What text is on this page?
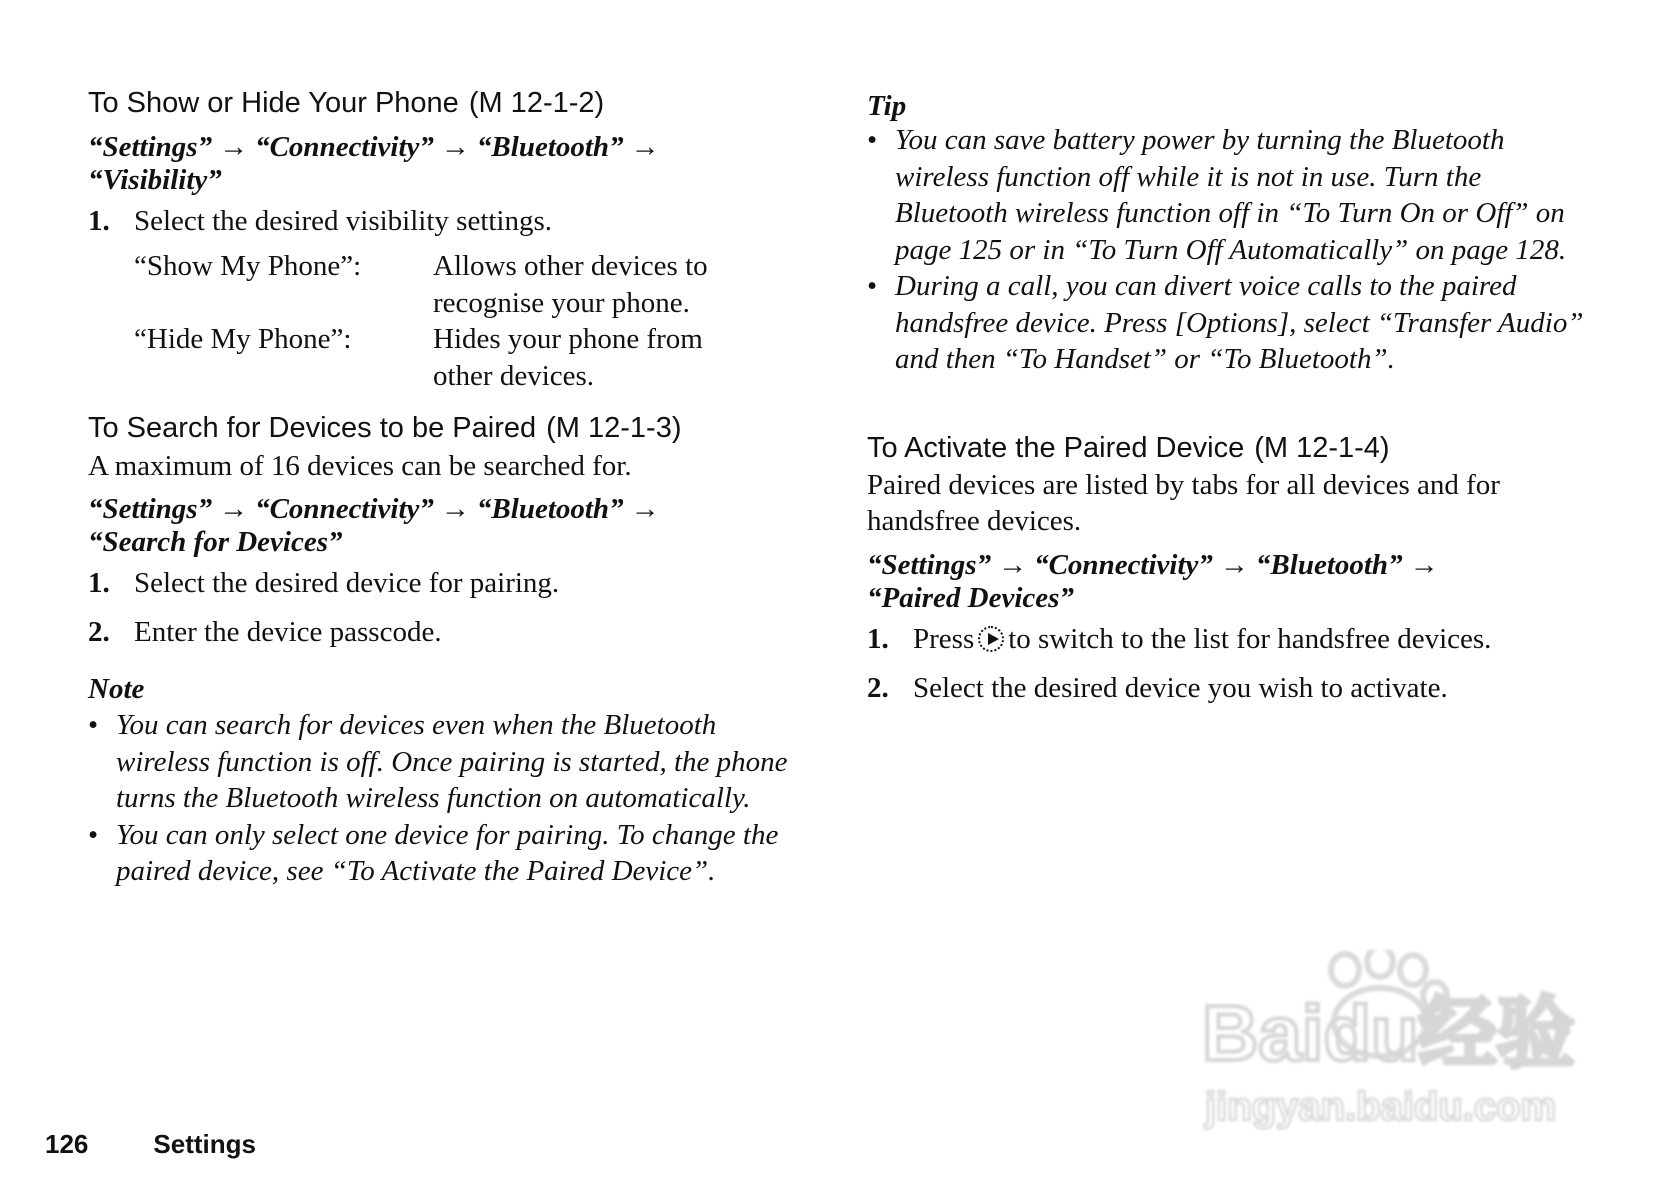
To Show or Hide Your Phone (M 12-1-2)

“Settings” → “Connectivity” → “Bluetooth” →
“Visibility”

1. Select the desired visibility settings.
“Show My Phone”:	Allows other devices to recognise your phone.
“Hide My Phone”:	Hides your phone from other devices.
To Search for Devices to be Paired (M 12-1-3)

A maximum of 16 devices can be searched for.

“Settings” → “Connectivity” → “Bluetooth” →
“Search for Devices”

1. Select the desired device for pairing.
2. Enter the device passcode.

Note

• You can search for devices even when the Bluetooth wireless function is off. Once pairing is started, the phone turns the Bluetooth wireless function on automatically.
• You can only select one device for pairing. To change the paired device, see “To Activate the Paired Device”.

Tip

• You can save battery power by turning the Bluetooth wireless function off while it is not in use. Turn the Bluetooth wireless function off in “To Turn On or Off” on page 125 or in “To Turn Off Automatically” on page 128.
• During a call, you can divert voice calls to the paired handsfree device. Press [Options], select “Transfer Audio” and then “To Handset” or “To Bluetooth”.
To Activate the Paired Device (M 12-1-4)

Paired devices are listed by tabs for all devices and for handsfree devices.

“Settings” → “Connectivity” → “Bluetooth” →
“Paired Devices”

1. Press to switch to the list for handsfree devices.
2. Select the desired device you wish to activate.
126	Settings
Baidu经验
jingyan.baidu.com
